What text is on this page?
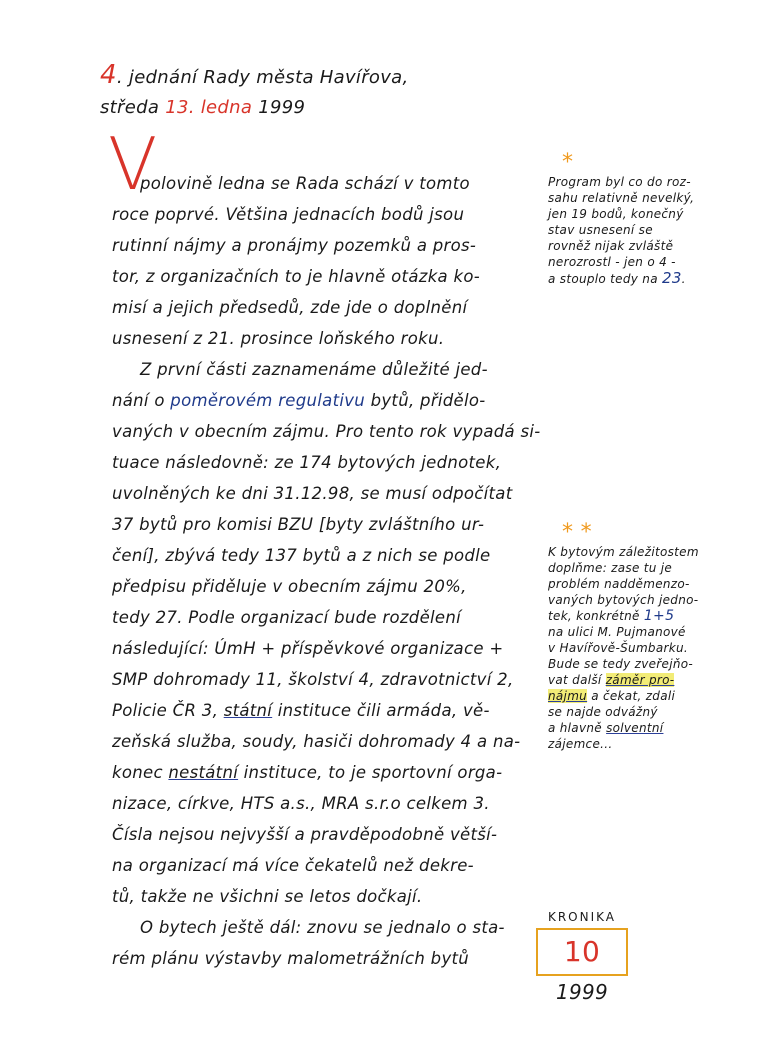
4. jednání Rady města Havířova,
středa 13. ledna 1999
V
polovině ledna se Rada schází v tomto
roce poprvé. Většina jednacích bodů jsou
rutinní nájmy a pronájmy pozemků a pros-
tor, z organizačních to je hlavně otázka ko-
misí a jejich předsedů, zde jde o doplnění
usnesení z 21. prosince loňského roku.
Z první části zaznamenáme důležité jed-
nání o poměrovém regulativu bytů, přidělo-
vaných v obecním zájmu. Pro tento rok vypadá si-
tuace následovně: ze 174 bytových jednotek,
uvolněných ke dni 31.12.98, se musí odpočítat
37 bytů pro komisi BZU [byty zvláštního ur-
čení], zbývá tedy 137 bytů a z nich se podle
předpisu přiděluje v obecním zájmu 20%,
tedy 27. Podle organizací bude rozdělení
následující: ÚmH + příspěvkové organizace +
SMP dohromady 11, školství 4, zdravotnictví 2,
Policie ČR 3, státní instituce čili armáda, vě-
zeňská služba, soudy, hasiči dohromady 4 a na-
konec nestátní instituce, to je sportovní orga-
nizace, církve, HTS a.s., MRA s.r.o celkem 3.
Čísla nejsou nejvyšší a pravděpodobně větší-
na organizací má více čekatelů než dekre-
tů, takže ne všichni se letos dočkají.
O bytech ještě dál: znovu se jednalo o sta-
rém plánu výstavby malometrážních bytů
*
Program byl co do roz-
sahu relativně nevelký,
jen 19 bodů, konečný
stav usnesení se
rovněž nijak zvláště
nerozrostl - jen o 4 -
a stouplo tedy na 23.
* *
K bytovým záležitostem
doplňme: zase tu je
problém nadděmenzo-
vaných bytových jedno-
tek, konkrétně 1+5
na ulici M. Pujmanové
v Havířově-Šumbarku.
Bude se tedy zveřejňo-
vat další záměr pro-
nájmu a čekat, zdali
se najde odvážný
a hlavně solventní
zájemce...
KRONIKA
10
1999
